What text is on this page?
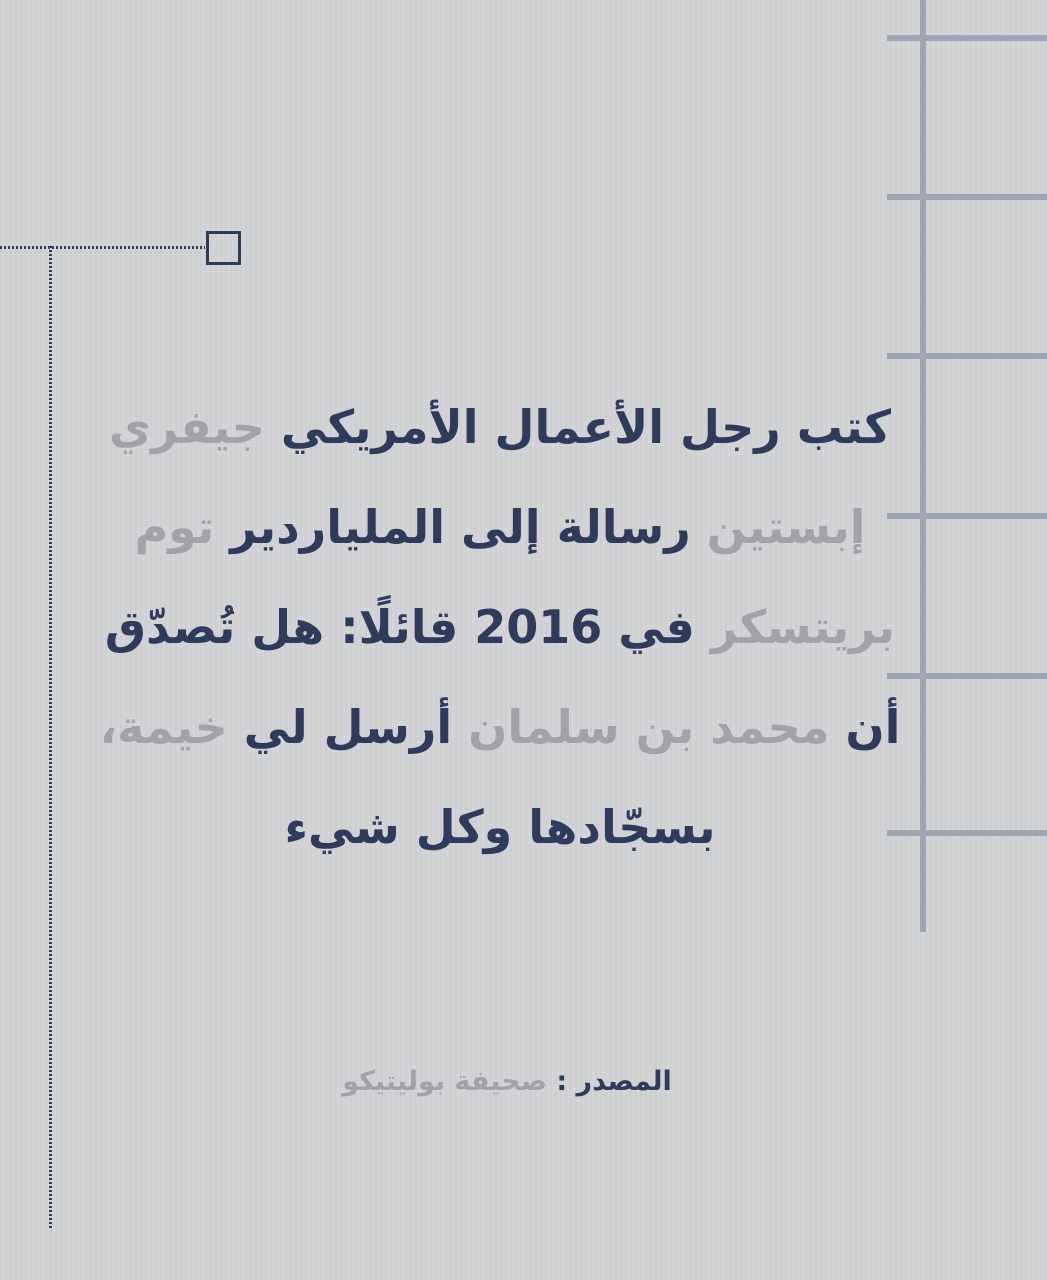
كتب رجل الأعمال الأمريكي جيفري
إبستين رسالة إلى الملياردير توم
بريتسكر في 2016 قائلًا: هل تُصدّق
أن محمد بن سلمان أرسل لي خيمة،
بسجّادها وكل شيء
المصدر : صحيفة بوليتيكو
